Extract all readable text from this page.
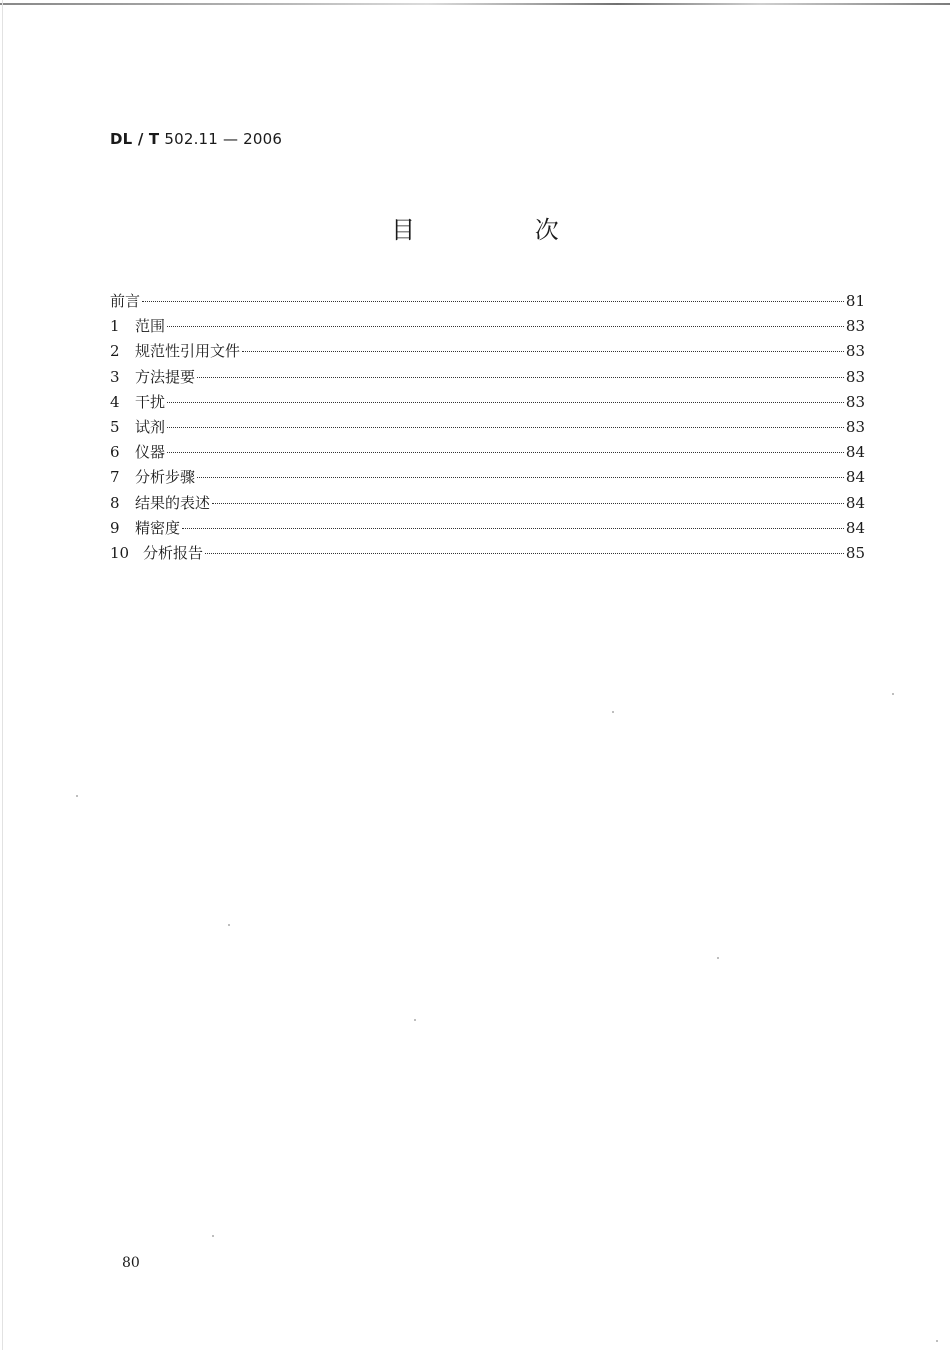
DL / T 502.11 — 2006
目 次
前言	81
1	范围	83
2	规范性引用文件	83
3	方法提要	83
4	干扰	83
5	试剂	83
6	仪器	84
7	分析步骤	84
8	结果的表述	84
9	精密度	84
10 分析报告	85
80
